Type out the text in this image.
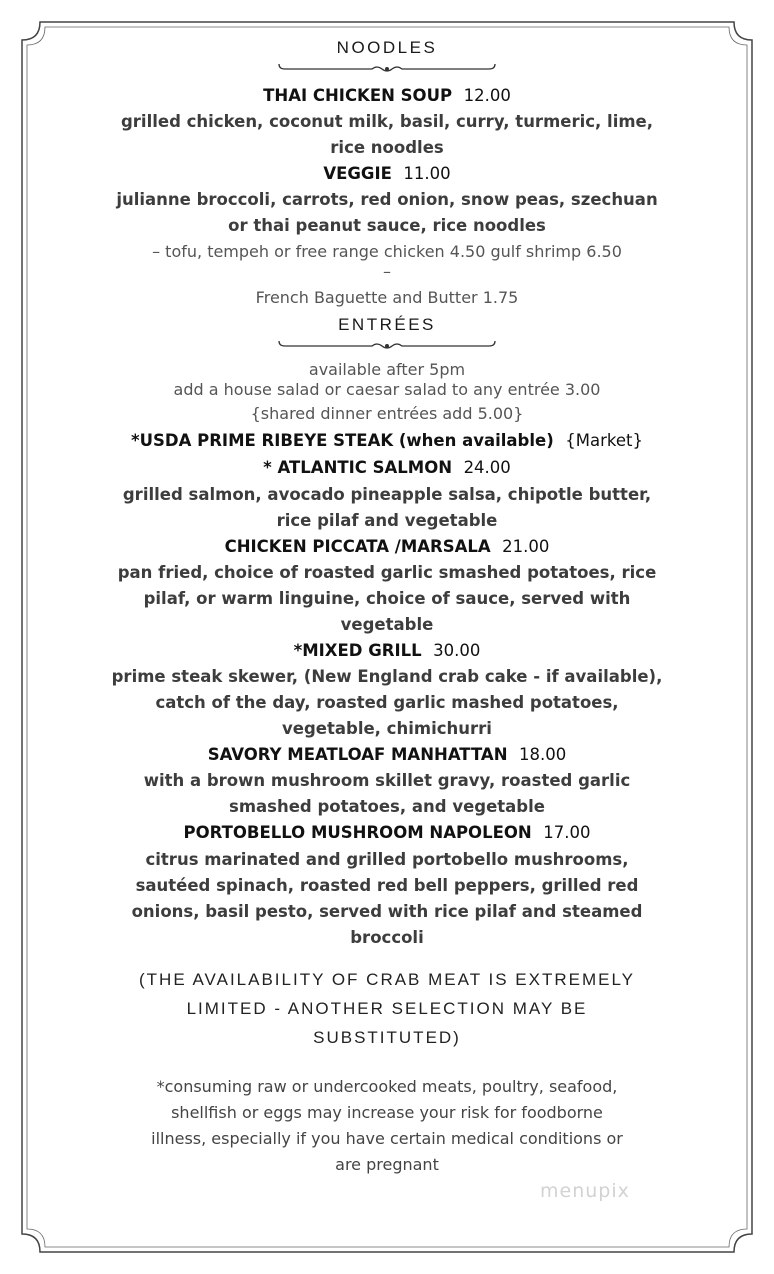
NOODLES
THAI CHICKEN SOUP 12.00
grilled chicken, coconut milk, basil, curry, turmeric, lime,
rice noodles
VEGGIE 11.00
julianne broccoli, carrots, red onion, snow peas, szechuan
or thai peanut sauce, rice noodles
– tofu, tempeh or free range chicken 4.50 gulf shrimp 6.50
–
French Baguette and Butter 1.75
ENTRÉES
available after 5pm
add a house salad or caesar salad to any entrée 3.00
{shared dinner entrées add 5.00}
*USDA PRIME RIBEYE STEAK (when available) {Market}
* ATLANTIC SALMON 24.00
grilled salmon, avocado pineapple salsa, chipotle butter,
rice pilaf and vegetable
CHICKEN PICCATA /MARSALA 21.00
pan fried, choice of roasted garlic smashed potatoes, rice
pilaf, or warm linguine, choice of sauce, served with
vegetable
*MIXED GRILL 30.00
prime steak skewer, (New England crab cake - if available),
catch of the day, roasted garlic mashed potatoes,
vegetable, chimichurri
SAVORY MEATLOAF MANHATTAN 18.00
with a brown mushroom skillet gravy, roasted garlic
smashed potatoes, and vegetable
PORTOBELLO MUSHROOM NAPOLEON 17.00
citrus marinated and grilled portobello mushrooms,
sautéed spinach, roasted red bell peppers, grilled red
onions, basil pesto, served with rice pilaf and steamed
broccoli
(THE AVAILABILITY OF CRAB MEAT IS EXTREMELY
LIMITED - ANOTHER SELECTION MAY BE
SUBSTITUTED)
*consuming raw or undercooked meats, poultry, seafood,
shellfish or eggs may increase your risk for foodborne
illness, especially if you have certain medical conditions or
are pregnant
menupix
